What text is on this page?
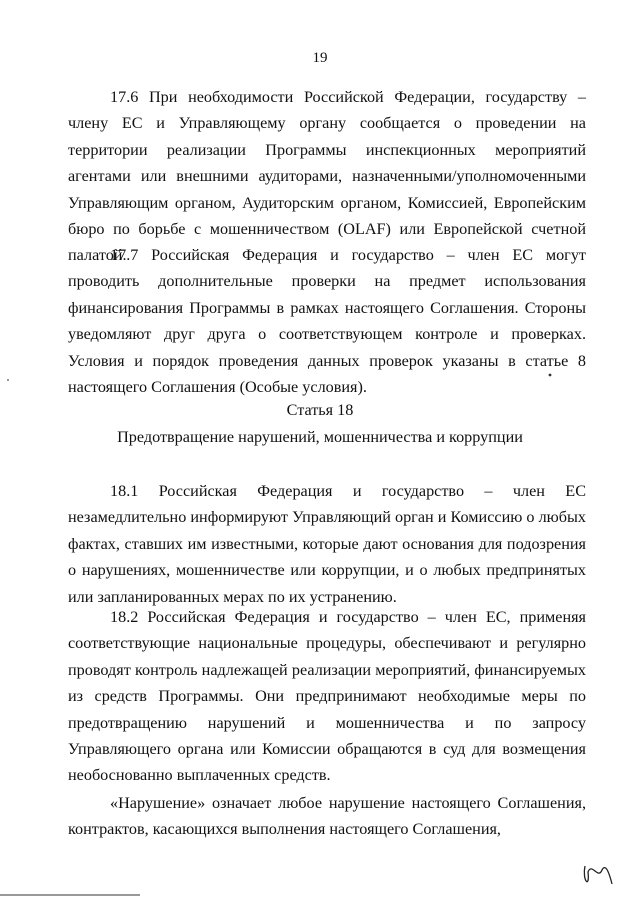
19
17.6 При необходимости Российской Федерации, государству – члену ЕС и Управляющему органу сообщается о проведении на территории реализации Программы инспекционных мероприятий агентами или внешними аудиторами, назначенными/уполномоченными Управляющим органом, Аудиторским органом, Комиссией, Европейским бюро по борьбе с мошенничеством (OLAF) или Европейской счетной палатой.
17.7 Российская Федерация и государство – член ЕС могут проводить дополнительные проверки на предмет использования финансирования Программы в рамках настоящего Соглашения. Стороны уведомляют друг друга о соответствующем контроле и проверках. Условия и порядок проведения данных проверок указаны в статье 8 настоящего Соглашения (Особые условия).
Статья 18
Предотвращение нарушений, мошенничества и коррупции
18.1 Российская Федерация и государство – член ЕС незамедлительно информируют Управляющий орган и Комиссию о любых фактах, ставших им известными, которые дают основания для подозрения о нарушениях, мошенничестве или коррупции, и о любых предпринятых или запланированных мерах по их устранению.
18.2 Российская Федерация и государство – член ЕС, применяя соответствующие национальные процедуры, обеспечивают и регулярно проводят контроль надлежащей реализации мероприятий, финансируемых из средств Программы. Они предпринимают необходимые меры по предотвращению нарушений и мошенничества и по запросу Управляющего органа или Комиссии обращаются в суд для возмещения необоснованно выплаченных средств.
«Нарушение» означает любое нарушение настоящего Соглашения, контрактов, касающихся выполнения настоящего Соглашения,
